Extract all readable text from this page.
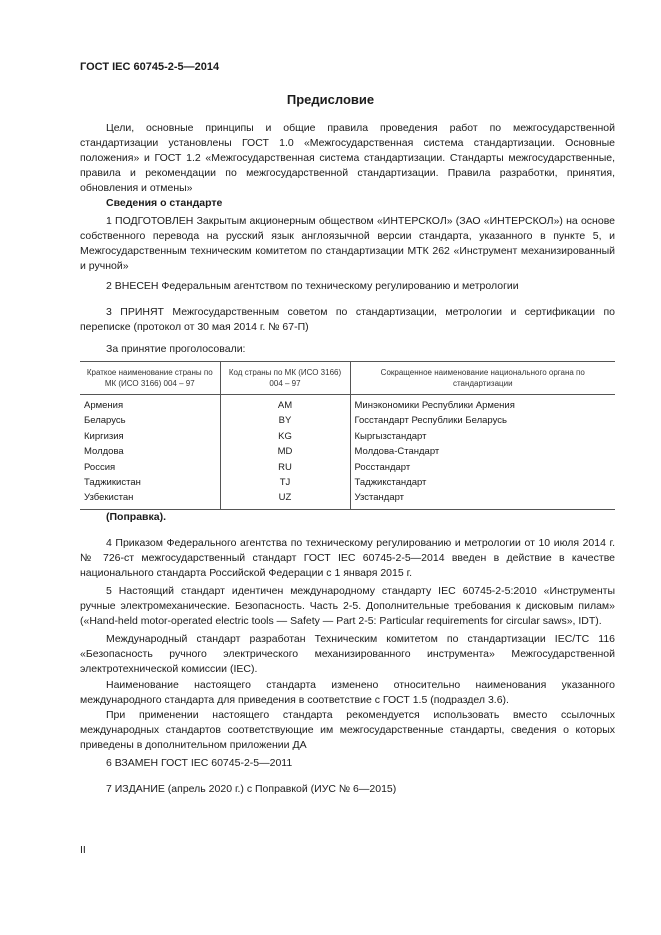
ГОСТ IEC 60745-2-5—2014
Предисловие
Цели, основные принципы и общие правила проведения работ по межгосударственной стандартизации установлены ГОСТ 1.0 «Межгосударственная система стандартизации. Основные положения» и ГОСТ 1.2 «Межгосударственная система стандартизации. Стандарты межгосударственные, правила и рекомендации по межгосударственной стандартизации. Правила разработки, принятия, обновления и отмены»
Сведения о стандарте
1 ПОДГОТОВЛЕН Закрытым акционерным обществом «ИНТЕРСКОЛ» (ЗАО «ИНТЕРСКОЛ») на основе собственного перевода на русский язык англоязычной версии стандарта, указанного в пункте 5, и Межгосударственным техническим комитетом по стандартизации МТК 262 «Инструмент механизированный и ручной»
2 ВНЕСЕН Федеральным агентством по техническому регулированию и метрологии
3 ПРИНЯТ Межгосударственным советом по стандартизации, метрологии и сертификации по переписке (протокол от 30 мая 2014 г. № 67-П)
За принятие проголосовали:
Краткое наименование страны по МК (ИСО 3166) 004 – 97	Код страны по МК (ИСО 3166) 004 – 97	Сокращенное наименование национального органа по стандартизации
Армения	AM	Минэкономики Республики Армения
Беларусь	BY	Госстандарт Республики Беларусь
Киргизия	KG	Кыргызстандарт
Молдова	MD	Молдова-Стандарт
Россия	RU	Росстандарт
Таджикистан	TJ	Таджикстандарт
Узбекистан	UZ	Узстандарт
(Поправка).
4 Приказом Федерального агентства по техническому регулированию и метрологии от 10 июля 2014 г. № 726-ст межгосударственный стандарт ГОСТ IEC 60745-2-5—2014 введен в действие в качестве национального стандарта Российской Федерации с 1 января 2015 г.
5 Настоящий стандарт идентичен международному стандарту IEC 60745-2-5:2010 «Инструменты ручные электромеханические. Безопасность. Часть 2-5. Дополнительные требования к дисковым пилам» («Hand-held motor-operated electric tools — Safety — Part 2-5: Particular requirements for circular saws», IDT).
Международный стандарт разработан Техническим комитетом по стандартизации IEC/TC 116 «Безопасность ручного электрического механизированного инструмента» Межгосударственной электротехнической комиссии (IEC).
Наименование настоящего стандарта изменено относительно наименования указанного международного стандарта для приведения в соответствие с ГОСТ 1.5 (подраздел 3.6).
При применении настоящего стандарта рекомендуется использовать вместо ссылочных международных стандартов соответствующие им межгосударственные стандарты, сведения о которых приведены в дополнительном приложении ДА
6 ВЗАМЕН ГОСТ IEC 60745-2-5—2011
7 ИЗДАНИЕ (апрель 2020 г.) с Поправкой (ИУС № 6—2015)
II
